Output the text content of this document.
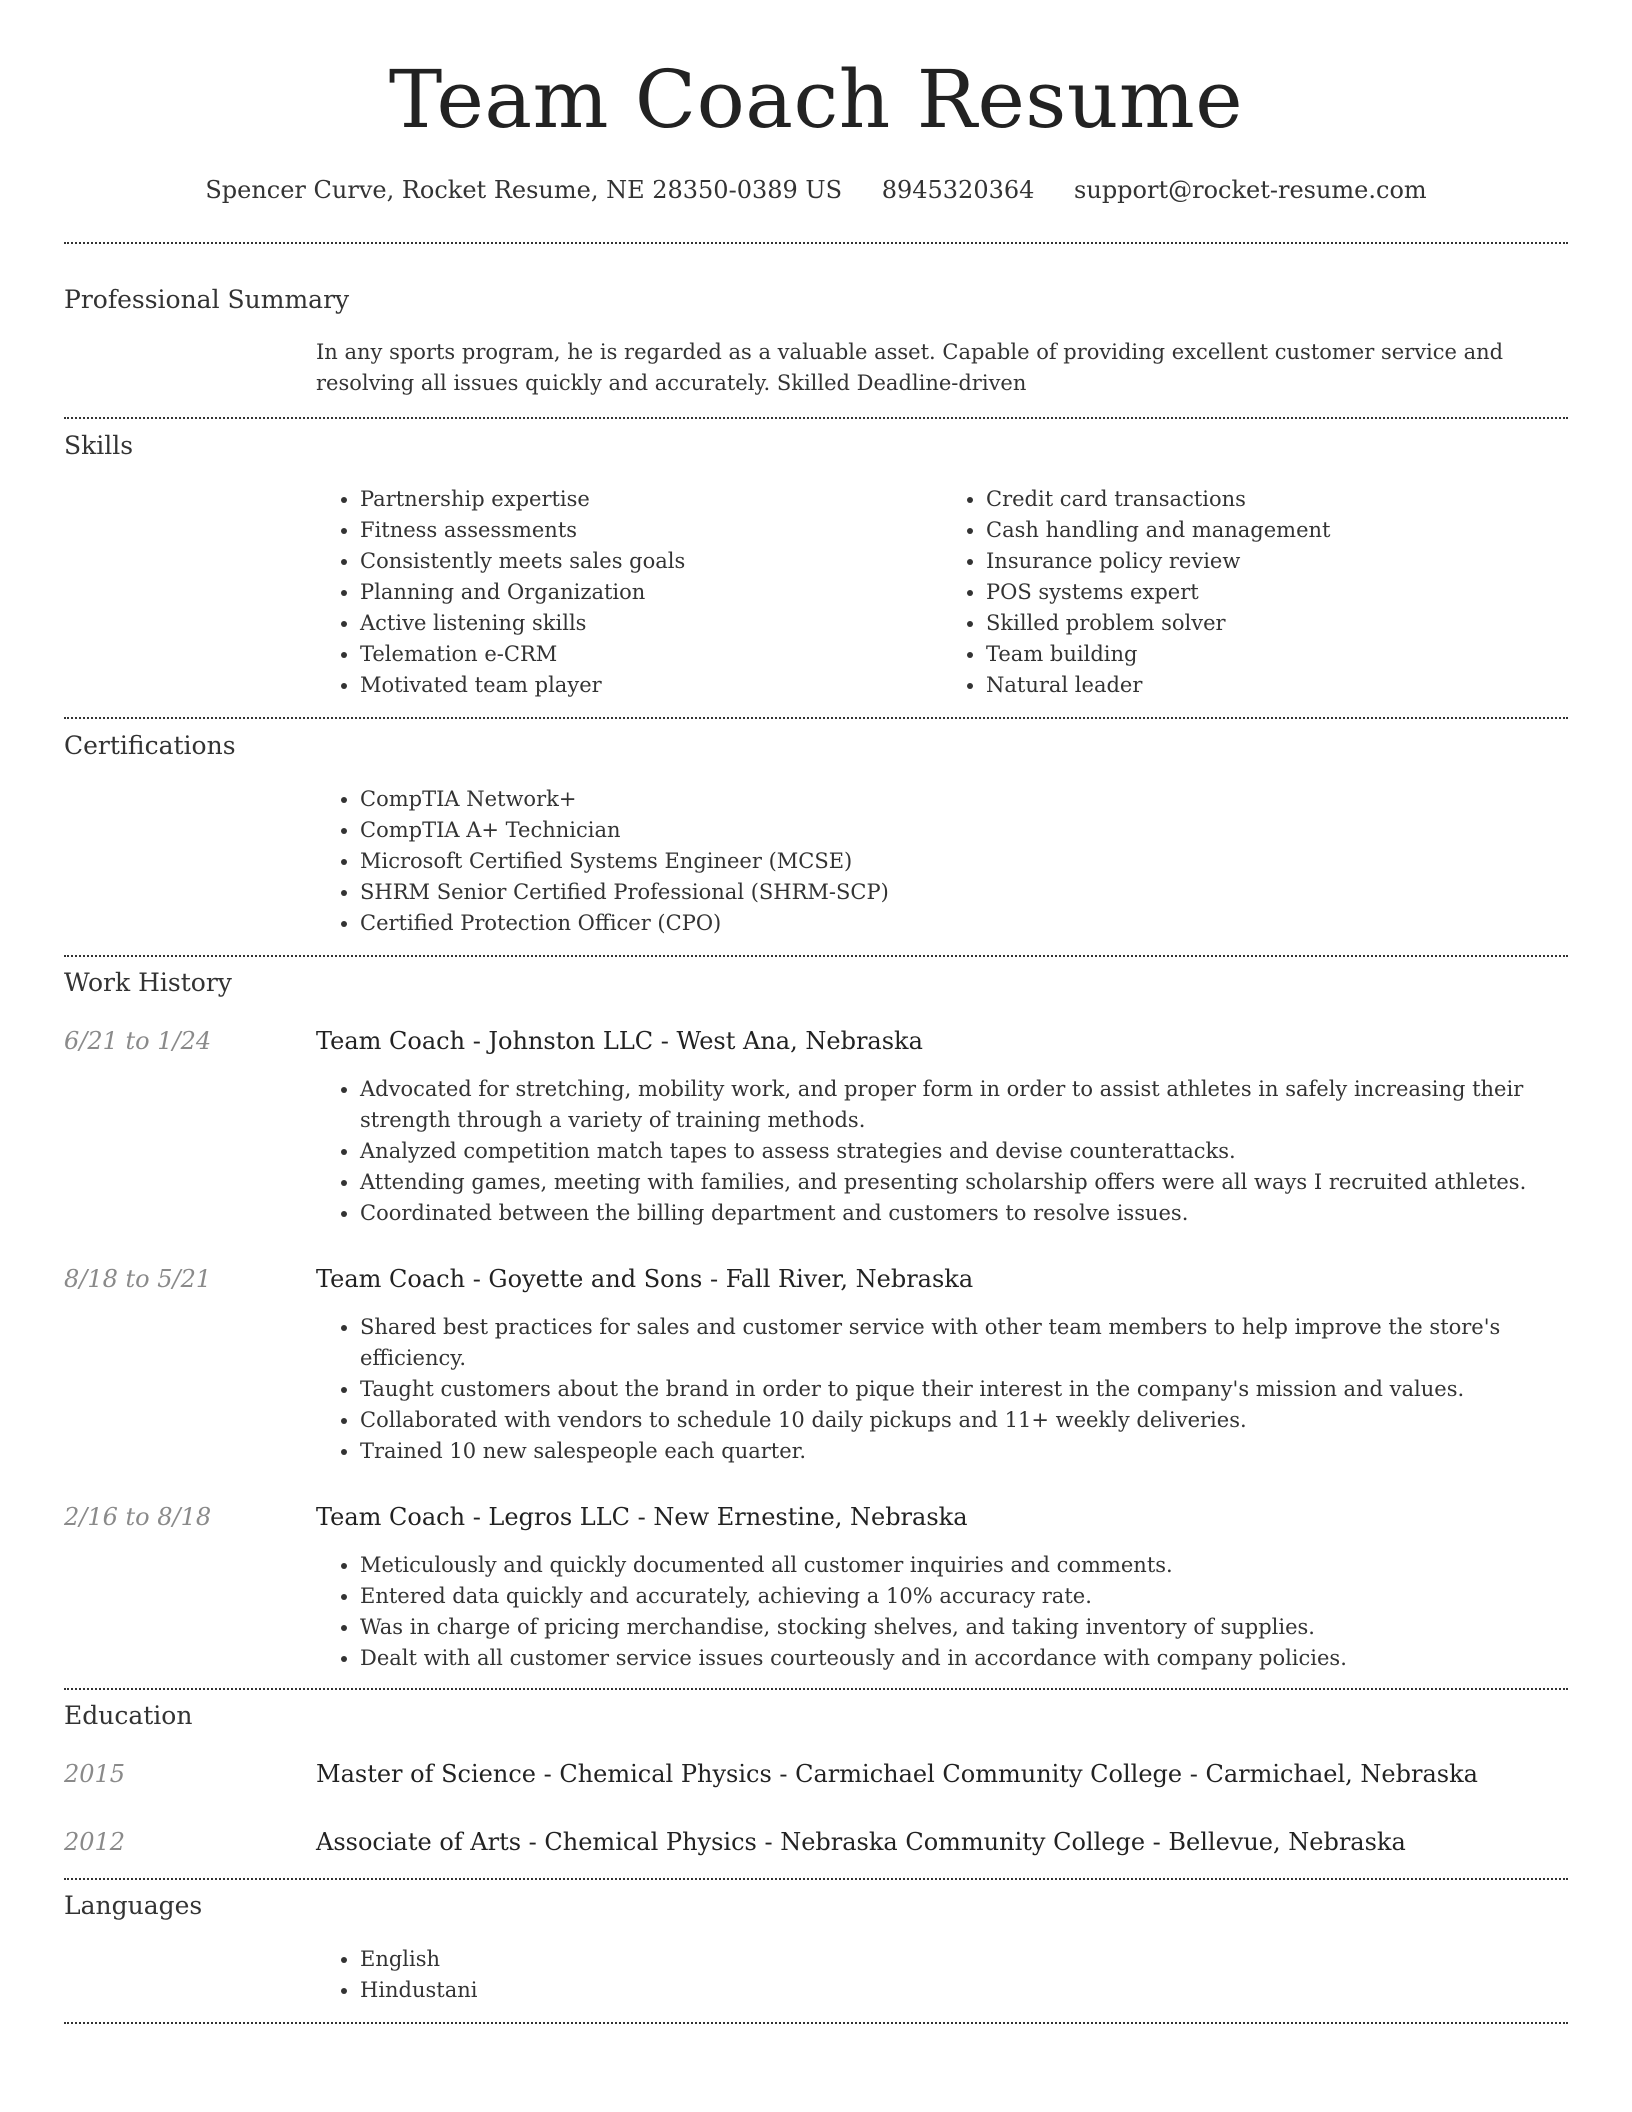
Team Coach Resume
Spencer Curve, Rocket Resume, NE 28350-0389 US 8945320364 support@rocket-resume.com
Professional Summary
In any sports program, he is regarded as a valuable asset. Capable of providing excellent customer service and resolving all issues quickly and accurately. Skilled Deadline-driven
Skills
• Partnership expertise
• Fitness assessments
• Consistently meets sales goals
• Planning and Organization
• Active listening skills
• Telemation e-CRM
• Motivated team player
• Credit card transactions
• Cash handling and management
• Insurance policy review
• POS systems expert
• Skilled problem solver
• Team building
• Natural leader
Certifications
• CompTIA Network+
• CompTIA A+ Technician
• Microsoft Certified Systems Engineer (MCSE)
• SHRM Senior Certified Professional (SHRM-SCP)
• Certified Protection Officer (CPO)
Work History
6/21 to 1/24	Team Coach - Johnston LLC - West Ana, Nebraska
• Advocated for stretching, mobility work, and proper form in order to assist athletes in safely increasing their strength through a variety of training methods.
• Analyzed competition match tapes to assess strategies and devise counterattacks.
• Attending games, meeting with families, and presenting scholarship offers were all ways I recruited athletes.
• Coordinated between the billing department and customers to resolve issues.
8/18 to 5/21	Team Coach - Goyette and Sons - Fall River, Nebraska
• Shared best practices for sales and customer service with other team members to help improve the store's efficiency.
• Taught customers about the brand in order to pique their interest in the company's mission and values.
• Collaborated with vendors to schedule 10 daily pickups and 11+ weekly deliveries.
• Trained 10 new salespeople each quarter.
2/16 to 8/18	Team Coach - Legros LLC - New Ernestine, Nebraska
• Meticulously and quickly documented all customer inquiries and comments.
• Entered data quickly and accurately, achieving a 10% accuracy rate.
• Was in charge of pricing merchandise, stocking shelves, and taking inventory of supplies.
• Dealt with all customer service issues courteously and in accordance with company policies.
Education
2015	Master of Science - Chemical Physics - Carmichael Community College - Carmichael, Nebraska
2012	Associate of Arts - Chemical Physics - Nebraska Community College - Bellevue, Nebraska
Languages
• English
• Hindustani
